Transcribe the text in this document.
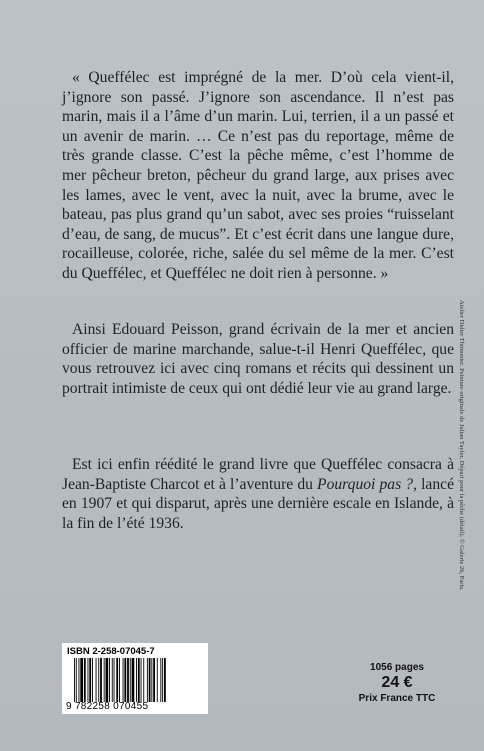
« Queffélec est imprégné de la mer. D’où cela vient-il, j’ignore son passé. J’ignore son ascendance. Il n’est pas marin, mais il a l’âme d’un marin. Lui, terrien, il a un passé et un avenir de marin. … Ce n’est pas du reportage, même de très grande classe. C’est la pêche même, c’est l’homme de mer pêcheur breton, pêcheur du grand large, aux prises avec les lames, avec le vent, avec la nuit, avec la brume, avec le bateau, pas plus grand qu’un sabot, avec ses proies “ruisselant d’eau, de sang, de mucus”. Et c’est écrit dans une langue dure, rocailleuse, colorée, riche, salée du sel même de la mer. C’est du Queffélec, et Queffélec ne doit rien à personne. »

Ainsi Edouard Peisson, grand écrivain de la mer et ancien officier de marine marchande, salue-t-il Henri Queffélec, que vous retrouvez ici avec cinq romans et récits qui dessinent un portrait intimiste de ceux qui ont dédié leur vie au grand large.

Est ici enfin réédité le grand livre que Queffélec consacra à Jean-Baptiste Charcot et à l’aventure du Pourquoi pas ?, lancé en 1907 et qui disparut, après une dernière escale en Islande, à la fin de l’été 1936.	Atelier Didier Thimonier. Peinture originale de Julian Taylor, Départ pour la pêche (détail). © Galerie 26, Paris.
ISBN 2-258-07045-7
9 782258 070455
1056 pages
24 €
Prix France TTC
